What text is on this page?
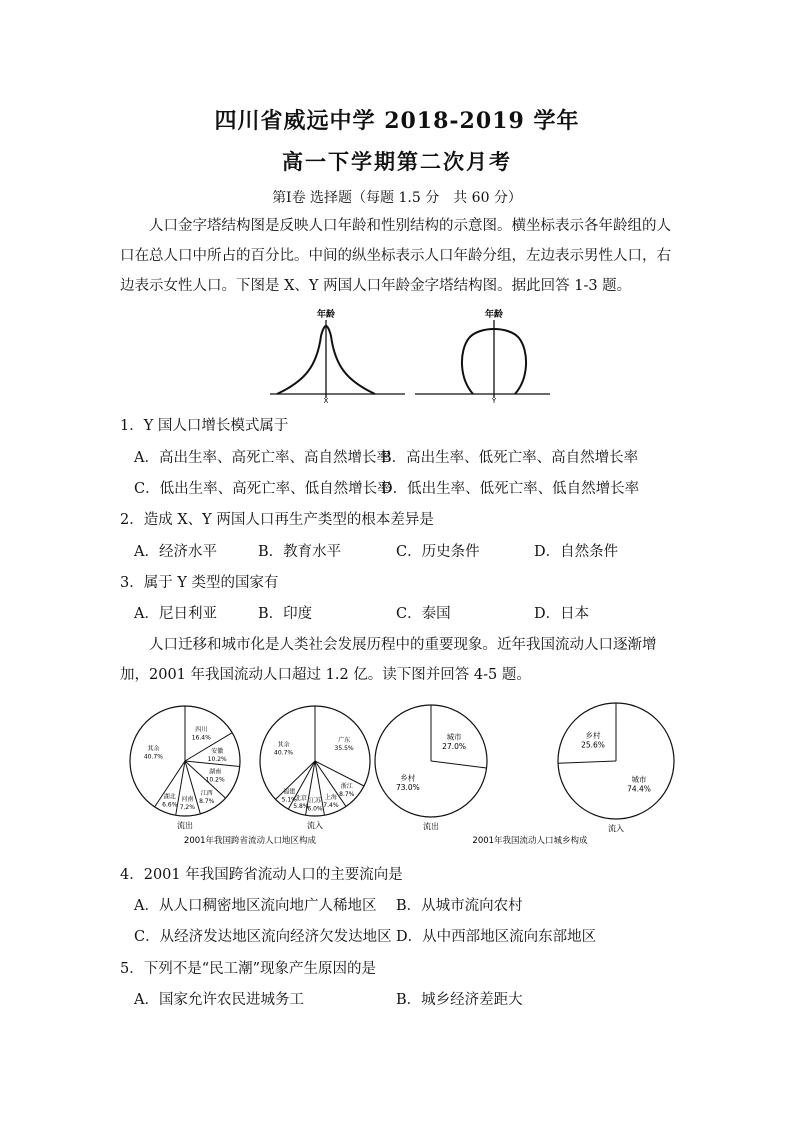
四川省威远中学 2018-2019 学年
高一下学期第二次月考
第Ⅰ卷 选择题（每题 1.5 分　共 60 分）
人口金字塔结构图是反映人口年龄和性别结构的示意图。横坐标表示各年龄组的人口在总人口中所占的百分比。中间的纵坐标表示人口年龄分组，左边表示男性人口，右边表示女性人口。下图是 X、Y 两国人口年龄金字塔结构图。据此回答 1-3 题。
年龄
X
年龄
Y
1．Y 国人口增长模式属于
A．高出生率、高死亡率、高自然增长率
B．高出生率、低死亡率、高自然增长率
C．低出生率、高死亡率、低自然增长率
D．低出生率、低死亡率、低自然增长率
2．造成 X、Y 两国人口再生产类型的根本差异是
A．经济水平	B．教育水平	C．历史条件	D．自然条件
3．属于 Y 类型的国家有
A．尼日利亚	B．印度	C．泰国	D．日本
人口迁移和城市化是人类社会发展历程中的重要现象。近年我国流动人口逐渐增加，2001 年我国流动人口超过 1.2 亿。读下图并回答 4-5 题。
2001年我国跨省流动人口地区构成	2001年我国流动人口城乡构成
四川
16.4%
安徽
10.2%
湖南
10.2%
江西
8.7%
河南
7.2%
湖北
6.6%
其余
40.7%
流出
广东
35.5%
浙江
8.7%
上海
7.4%
江苏
6.0%
北京
5.8%
福建
5.1%
其余
40.7%
流入
城市
27.0%
乡村
73.0%
流出
城市
74.4%
乡村
25.6%
流入
4．2001 年我国跨省流动人口的主要流向是
A．从人口稠密地区流向地广人稀地区 B．从城市流向农村
C．从经济发达地区流向经济欠发达地区 D．从中西部地区流向东部地区
5．下列不是“民工潮”现象产生原因的是
A．国家允许农民进城务工	B．城乡经济差距大
